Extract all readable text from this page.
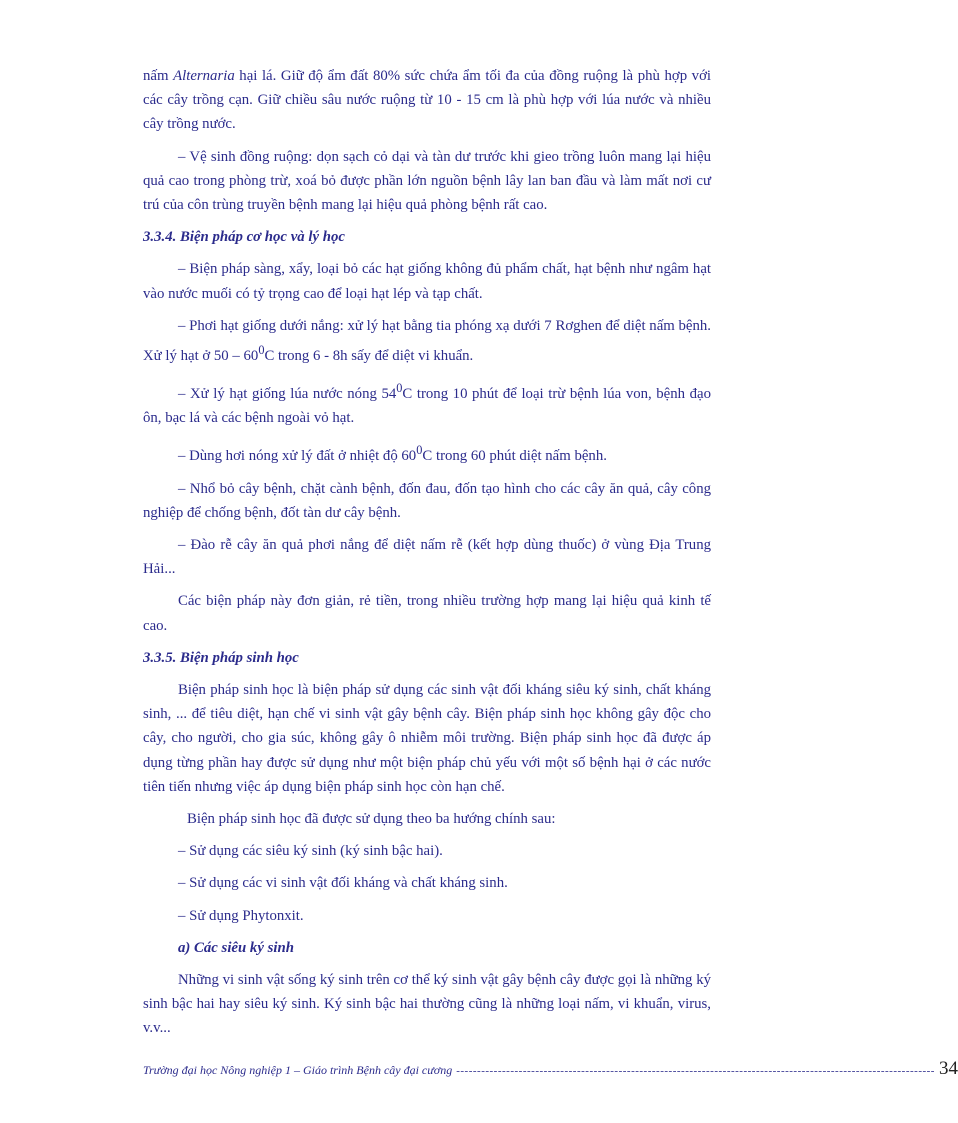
nấm Alternaria hại lá. Giữ độ ẩm đất 80% sức chứa ẩm tối đa của đồng ruộng là phù hợp với các cây trồng cạn. Giữ chiều sâu nước ruộng từ 10 - 15 cm là phù hợp với lúa nước và nhiều cây trồng nước.

– Vệ sinh đồng ruộng: dọn sạch cỏ dại và tàn dư trước khi gieo trồng luôn mang lại hiệu quả cao trong phòng trừ, xoá bỏ được phần lớn nguồn bệnh lây lan ban đầu và làm mất nơi cư trú của côn trùng truyền bệnh mang lại hiệu quả phòng bệnh rất cao.

3.3.4. Biện pháp cơ học và lý học

– Biện pháp sàng, xẩy, loại bỏ các hạt giống không đủ phẩm chất, hạt bệnh như ngâm hạt vào nước muối có tỷ trọng cao để loại hạt lép và tạp chất.

– Phơi hạt giống dưới nắng: xử lý hạt bằng tia phóng xạ dưới 7 Rơghen để diệt nấm bệnh. Xử lý hạt ở $50 - 60^0C$ trong 6 - 8h sấy để diệt vi khuẩn.

– Xử lý hạt giống lúa nước nóng $54^0C$ trong 10 phút để loại trừ bệnh lúa von, bệnh đạo ôn, bạc lá và các bệnh ngoài vỏ hạt.

– Dùng hơi nóng xử lý đất ở nhiệt độ $60^0C$ trong 60 phút diệt nấm bệnh.

– Nhổ bỏ cây bệnh, chặt cành bệnh, đốn đau, đốn tạo hình cho các cây ăn quả, cây công nghiệp để chống bệnh, đốt tàn dư cây bệnh.

– Đào rễ cây ăn quả phơi nắng để diệt nấm rễ (kết hợp dùng thuốc) ở vùng Địa Trung Hải...

Các biện pháp này đơn giản, rẻ tiền, trong nhiều trường hợp mang lại hiệu quả kinh tế cao.

3.3.5. Biện pháp sinh học

Biện pháp sinh học là biện pháp sử dụng các sinh vật đối kháng siêu ký sinh, chất kháng sinh, ... để tiêu diệt, hạn chế vi sinh vật gây bệnh cây. Biện pháp sinh học không gây độc cho cây, cho người, cho gia súc, không gây ô nhiễm môi trường. Biện pháp sinh học đã được áp dụng từng phần hay được sử dụng như một biện pháp chủ yếu với một số bệnh hại ở các nước tiên tiến nhưng việc áp dụng biện pháp sinh học còn hạn chế.

Biện pháp sinh học đã được sử dụng theo ba hướng chính sau:

– Sử dụng các siêu ký sinh (ký sinh bậc hai).

– Sử dụng các vi sinh vật đối kháng và chất kháng sinh.

– Sử dụng Phytonxit.

a) Các siêu ký sinh

Những vi sinh vật sống ký sinh trên cơ thể ký sinh vật gây bệnh cây được gọi là những ký sinh bậc hai hay siêu ký sinh. Ký sinh bậc hai thường cũng là những loại nấm, vi khuẩn, virus, v.v...

Trường đại học Nông nghiệp 1 – Giáo trình Bệnh cây đại cương ------------------------------------------------------------------------------------------------------------------- 34
